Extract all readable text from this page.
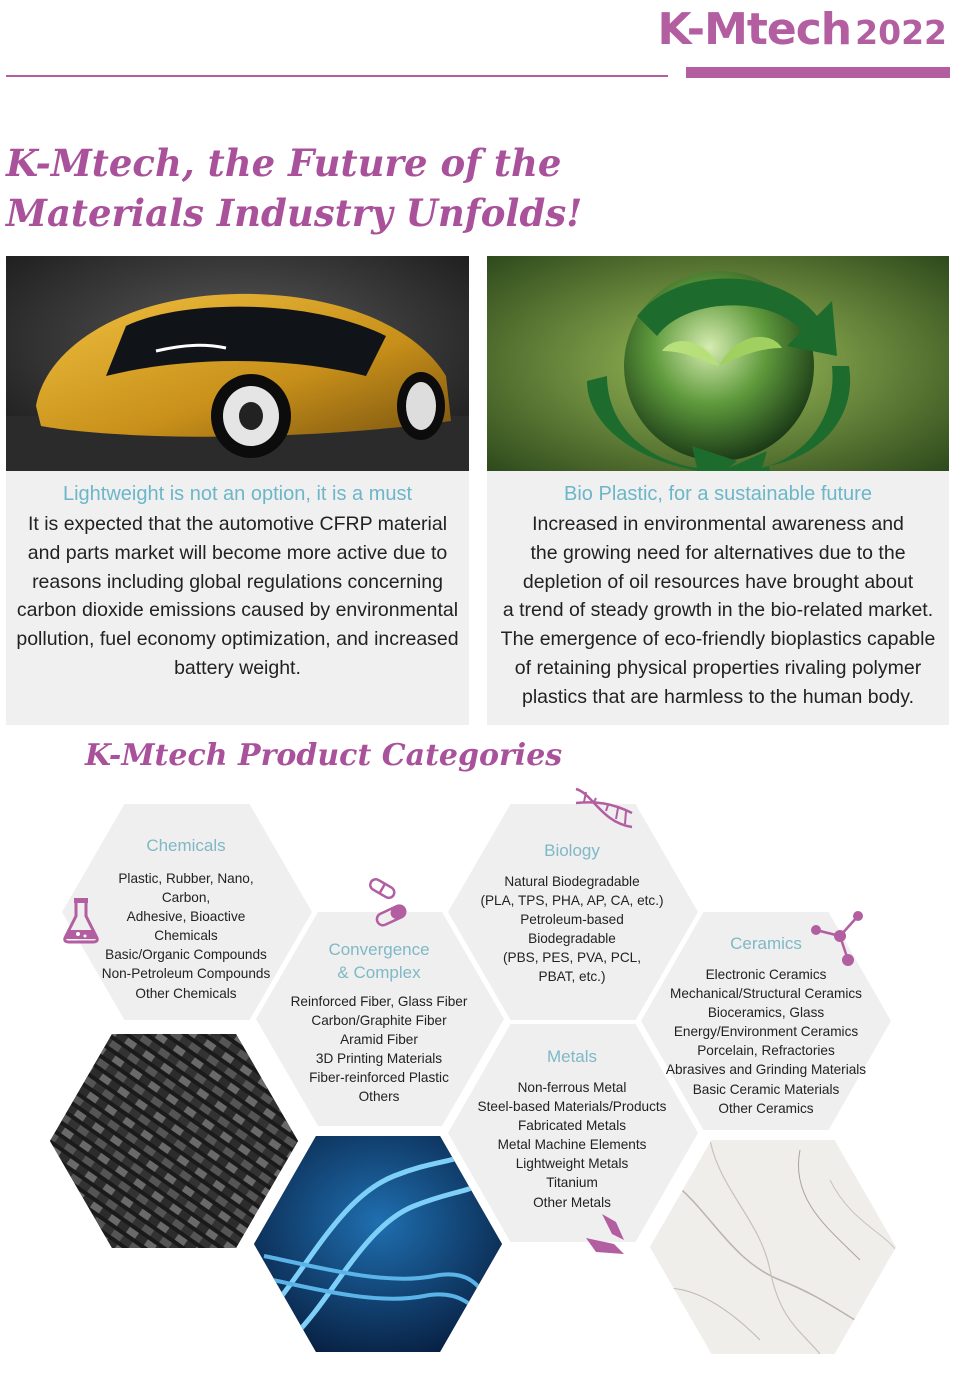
K-Mtech 2022
K-Mtech, the Future of the
Materials Industry Unfolds!
Lightweight is not an option, it is a must

It is expected that the automotive CFRP material
and parts market will become more active due to
reasons including global regulations concerning
carbon dioxide emissions caused by environmental
pollution, fuel economy optimization, and increased
battery weight.

Bio Plastic, for a sustainable future

Increased in environmental awareness and
the growing need for alternatives due to the
depletion of oil resources have brought about
a trend of steady growth in the bio-related market.
The emergence of eco-friendly bioplastics capable
of retaining physical properties rivaling polymer
plastics that are harmless to the human body.

K-Mtech Product Categories
Chemicals
Plastic, Rubber, Nano,
Carbon,
Adhesive, Bioactive
Chemicals
Basic/Organic Compounds
Non-Petroleum Compounds
Other Chemicals
Convergence
& Complex
Reinforced Fiber, Glass Fiber
Carbon/Graphite Fiber
Aramid Fiber
3D Printing Materials
Fiber-reinforced Plastic
Others
Biology
Natural Biodegradable
(PLA, TPS, PHA, AP, CA, etc.)
Petroleum-based
Biodegradable
(PBS, PES, PVA, PCL,
PBAT, etc.)
Metals
Non-ferrous Metal
Steel-based Materials/Products
Fabricated Metals
Metal Machine Elements
Lightweight Metals
Titanium
Other Metals
Ceramics
Electronic Ceramics
Mechanical/Structural Ceramics
Bioceramics, Glass
Energy/Environment Ceramics
Porcelain, Refractories
Abrasives and Grinding Materials
Basic Ceramic Materials
Other Ceramics
